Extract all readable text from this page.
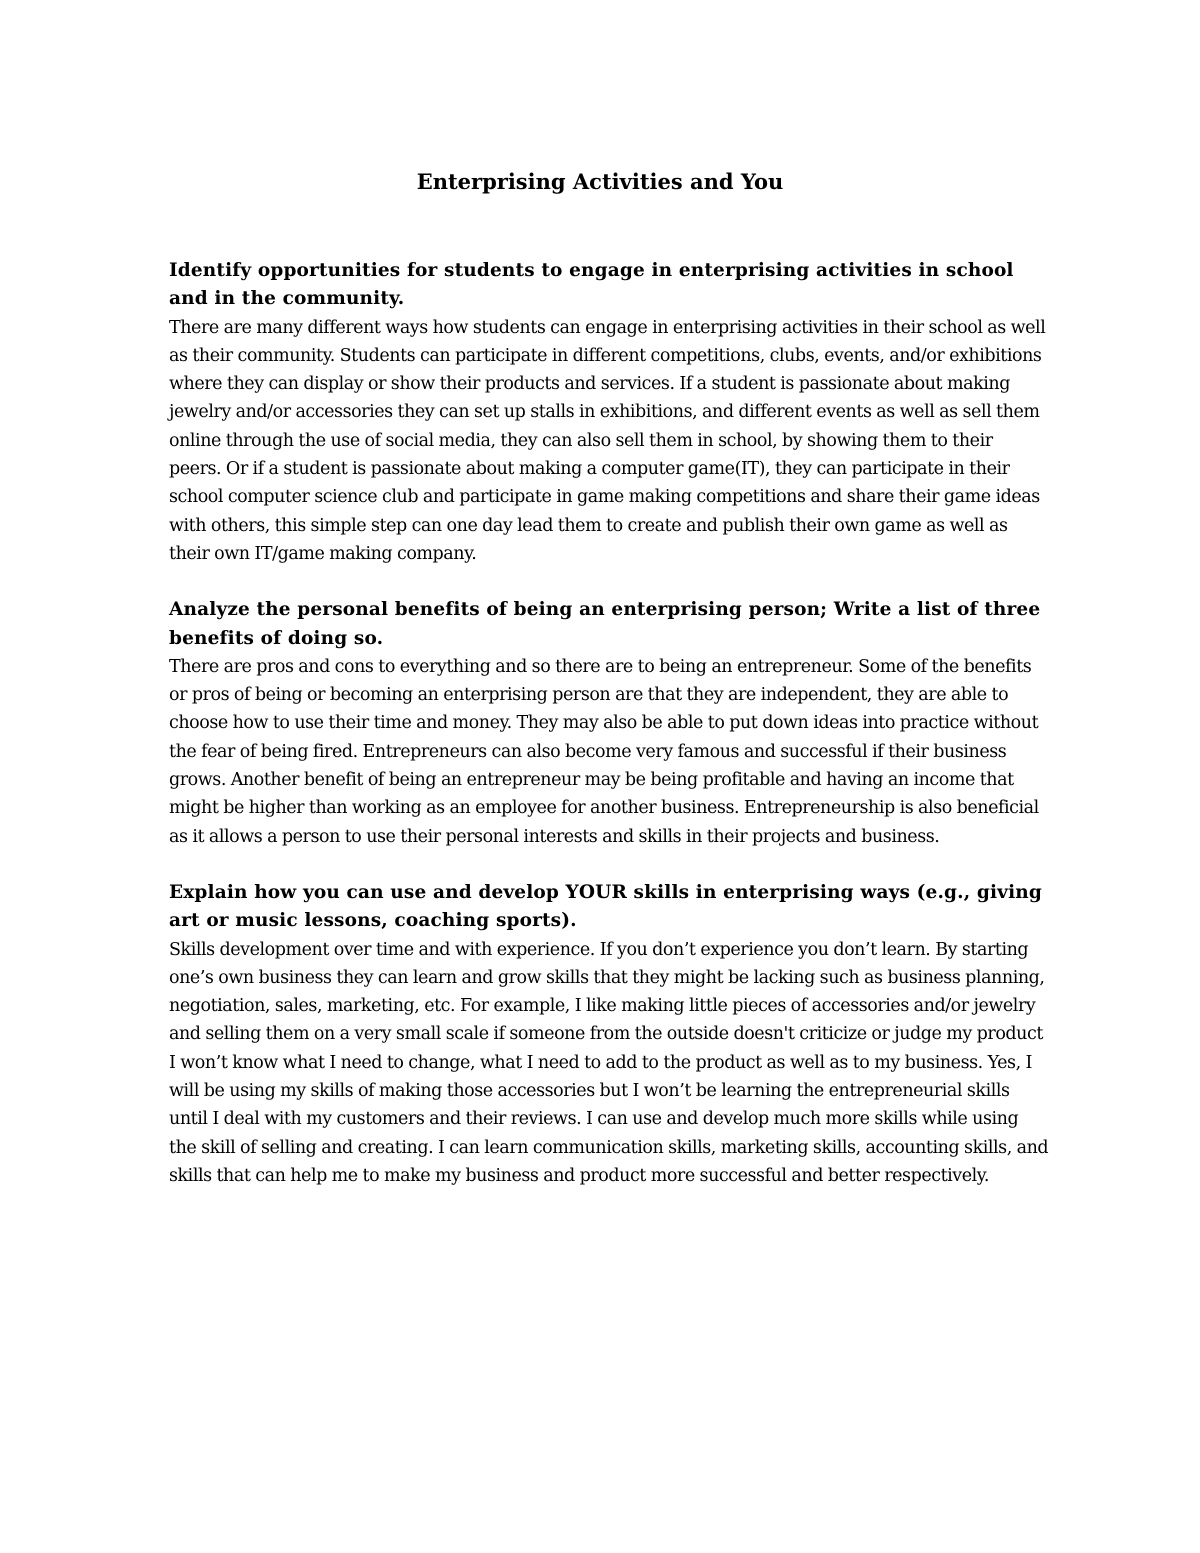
Enterprising Activities and You

Identify opportunities for students to engage in enterprising activities in school and in the community.

There are many different ways how students can engage in enterprising activities in their school as well as their community. Students can participate in different competitions, clubs, events, and/or exhibitions where they can display or show their products and services. If a student is passionate about making jewelry and/or accessories they can set up stalls in exhibitions, and different events as well as sell them online through the use of social media, they can also sell them in school, by showing them to their peers. Or if a student is passionate about making a computer game(IT), they can participate in their school computer science club and participate in game making competitions and share their game ideas with others, this simple step can one day lead them to create and publish their own game as well as their own IT/game making company.

Analyze the personal benefits of being an enterprising person; Write a list of three benefits of doing so.

There are pros and cons to everything and so there are to being an entrepreneur. Some of the benefits or pros of being or becoming an enterprising person are that they are independent, they are able to choose how to use their time and money. They may also be able to put down ideas into practice without the fear of being fired. Entrepreneurs can also become very famous and successful if their business grows. Another benefit of being an entrepreneur may be being profitable and having an income that might be higher than working as an employee for another business. Entrepreneurship is also beneficial as it allows a person to use their personal interests and skills in their projects and business.

Explain how you can use and develop YOUR skills in enterprising ways (e.g., giving art or music lessons, coaching sports).

Skills development over time and with experience. If you don’t experience you don’t learn. By starting one’s own business they can learn and grow skills that they might be lacking such as business planning, negotiation, sales, marketing, etc. For example, I like making little pieces of accessories and/or jewelry and selling them on a very small scale if someone from the outside doesn't criticize or judge my product I won’t know what I need to change, what I need to add to the product as well as to my business. Yes, I will be using my skills of making those accessories but I won’t be learning the entrepreneurial skills until I deal with my customers and their reviews. I can use and develop much more skills while using the skill of selling and creating. I can learn communication skills, marketing skills, accounting skills, and skills that can help me to make my business and product more successful and better respectively.
